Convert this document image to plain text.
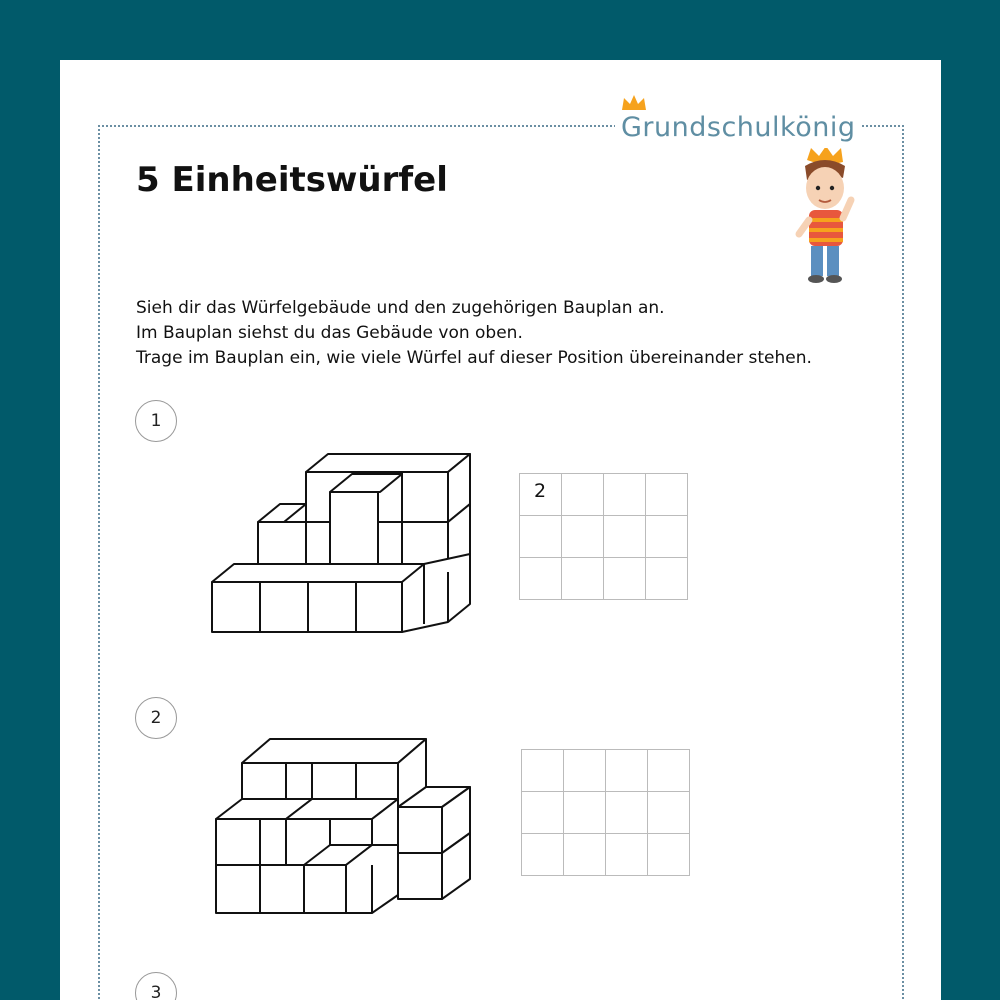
Grundschulkönig
5 Einheitswürfel
Sieh dir das Würfelgebäude und den zugehörigen Bauplan an.
Im Bauplan siehst du das Gebäude von oben.
Trage im Bauplan ein, wie viele Würfel auf dieser Position übereinander stehen.
1
2
2
3
